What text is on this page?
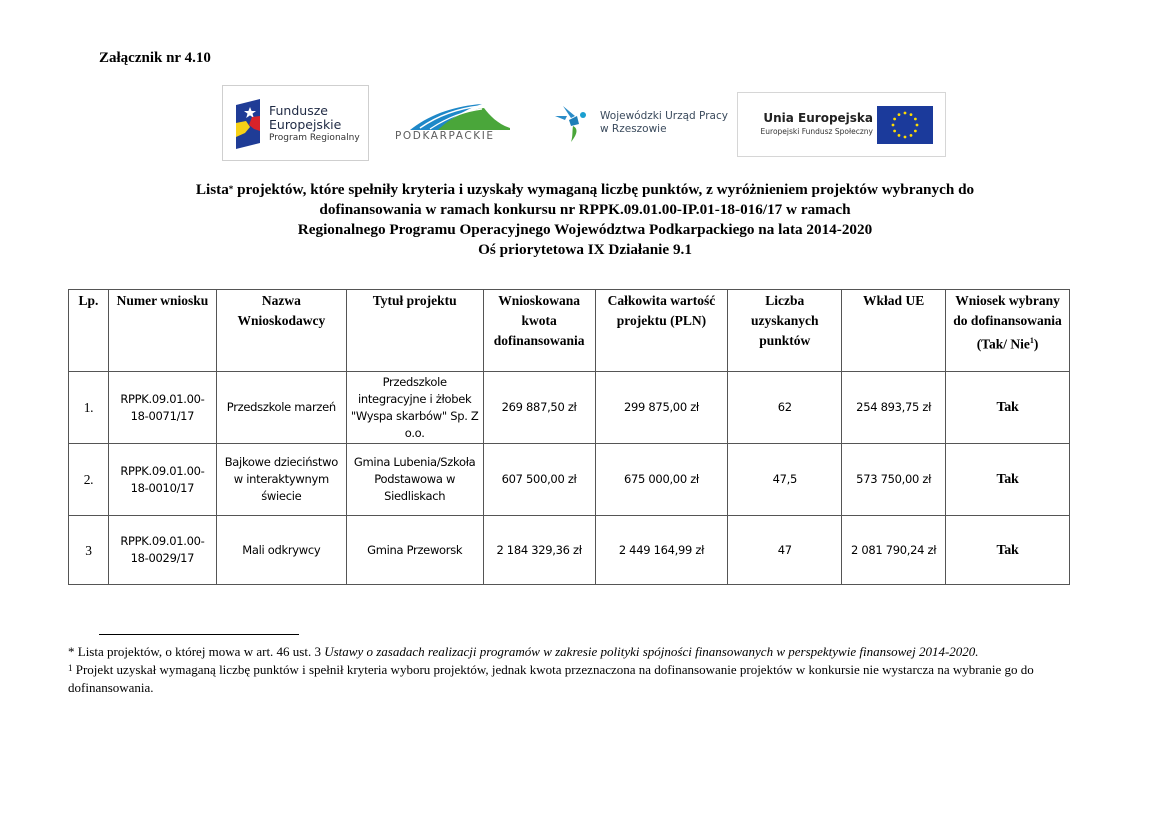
Załącznik nr 4.10
Fundusze
Europejskie
Program Regionalny	PODKARPACKIE
Wojewódzki Urząd Pracy
w Rzeszowie
Unia Europejska
Europejski Fundusz Społeczny
Lista* projektów, które spełniły kryteria i uzyskały wymaganą liczbę punktów, z wyróżnieniem projektów wybranych do
dofinansowania w ramach konkursu nr RPPK.09.01.00-IP.01-18-016/17 w ramach
Regionalnego Programu Operacyjnego Województwa Podkarpackiego na lata 2014-2020
Oś priorytetowa IX Działanie 9.1
Lp.	Numer wniosku	Nazwa Wnioskodawcy	Tytuł projektu	Wnioskowana kwota dofinansowania	Całkowita wartość projektu (PLN)	Liczba uzyskanych punktów	Wkład UE	Wniosek wybrany do dofinansowania (Tak/ Nie$^1$)
1.	RPPK.09.01.00-18-0071/17	Przedszkole marzeń	Przedszkole integracyjne i żłobek "Wyspa skarbów" Sp. Z o.o.	269 887,50 zł	299 875,00 zł	62	254 893,75 zł	Tak
2.	RPPK.09.01.00-18-0010/17	Bajkowe dzieciństwo w interaktywnym świecie	Gmina Lubenia/Szkoła Podstawowa w Siedliskach	607 500,00 zł	675 000,00 zł	47,5	573 750,00 zł	Tak
3	RPPK.09.01.00-18-0029/17	Mali odkrywcy	Gmina Przeworsk	2 184 329,36 zł	2 449 164,99 zł	47	2 081 790,24 zł	Tak
* Lista projektów, o której mowa w art. 46 ust. 3 Ustawy o zasadach realizacji programów w zakresie polityki spójności finansowanych w perspektywie finansowej 2014-2020.
$^1$ Projekt uzyskał wymaganą liczbę punktów i spełnił kryteria wyboru projektów, jednak kwota przeznaczona na dofinansowanie projektów w konkursie nie wystarcza na wybranie go do dofinansowania.
